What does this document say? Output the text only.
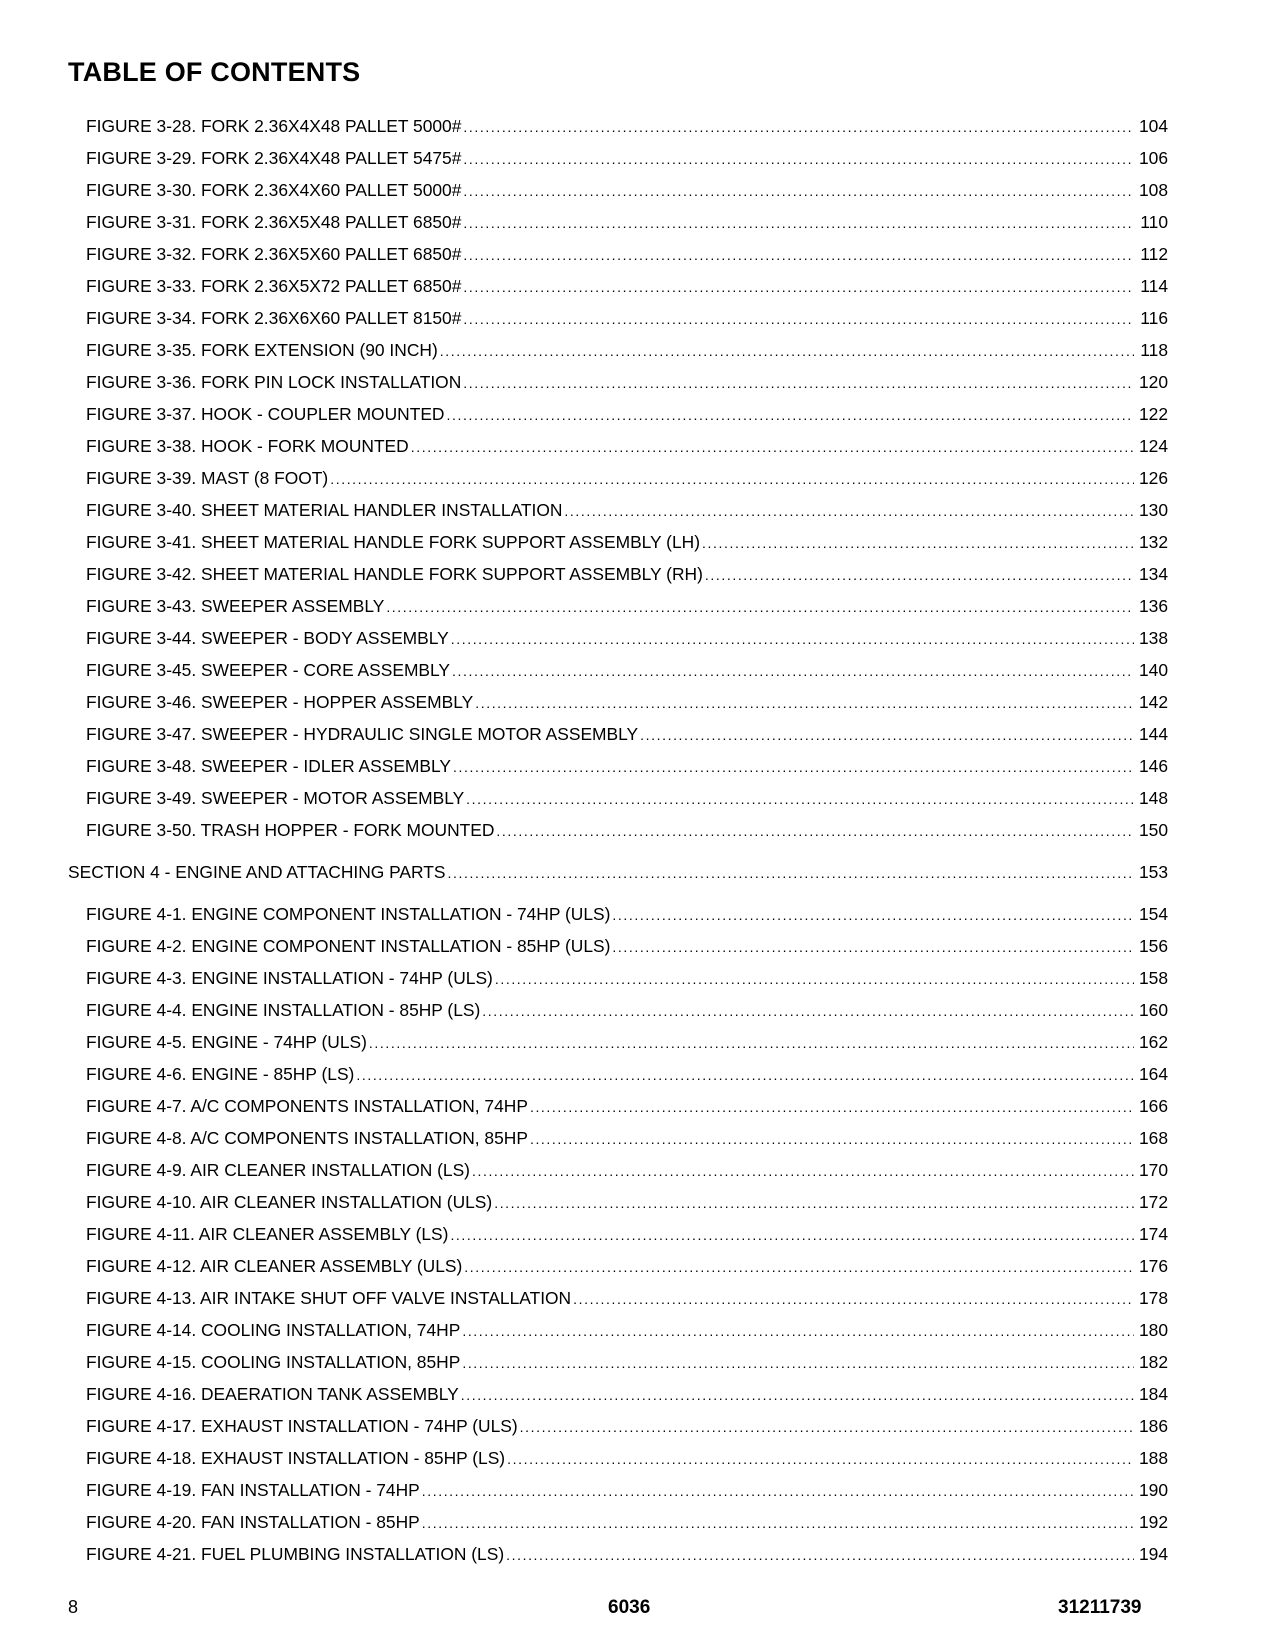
TABLE OF CONTENTS
FIGURE 3-28. FORK 2.36X4X48 PALLET 5000# .....	104
FIGURE 3-29. FORK 2.36X4X48 PALLET 5475# .....	106
FIGURE 3-30. FORK 2.36X4X60 PALLET 5000# .....	108
FIGURE 3-31. FORK 2.36X5X48 PALLET 6850# .....	110
FIGURE 3-32. FORK 2.36X5X60 PALLET 6850# .....	112
FIGURE 3-33. FORK 2.36X5X72 PALLET 6850# .....	114
FIGURE 3-34. FORK 2.36X6X60 PALLET 8150# .....	116
FIGURE 3-35. FORK EXTENSION (90 INCH) .....	118
FIGURE 3-36. FORK PIN LOCK INSTALLATION .....	120
FIGURE 3-37. HOOK - COUPLER MOUNTED .....	122
FIGURE 3-38. HOOK - FORK MOUNTED .....	124
FIGURE 3-39. MAST (8 FOOT) .....	126
FIGURE 3-40. SHEET MATERIAL HANDLER INSTALLATION .....	130
FIGURE 3-41. SHEET MATERIAL HANDLE FORK SUPPORT ASSEMBLY (LH) .....	132
FIGURE 3-42. SHEET MATERIAL HANDLE FORK SUPPORT ASSEMBLY (RH) .....	134
FIGURE 3-43. SWEEPER ASSEMBLY .....	136
FIGURE 3-44. SWEEPER - BODY ASSEMBLY .....	138
FIGURE 3-45. SWEEPER - CORE ASSEMBLY .....	140
FIGURE 3-46. SWEEPER - HOPPER ASSEMBLY .....	142
FIGURE 3-47. SWEEPER - HYDRAULIC SINGLE MOTOR ASSEMBLY .....	144
FIGURE 3-48. SWEEPER - IDLER ASSEMBLY .....	146
FIGURE 3-49. SWEEPER - MOTOR ASSEMBLY .....	148
FIGURE 3-50. TRASH HOPPER - FORK MOUNTED .....	150
SECTION 4 - ENGINE AND ATTACHING PARTS .....	153
FIGURE 4-1. ENGINE COMPONENT INSTALLATION - 74HP (ULS) .....	154
FIGURE 4-2. ENGINE COMPONENT INSTALLATION - 85HP (ULS) .....	156
FIGURE 4-3. ENGINE INSTALLATION - 74HP (ULS) .....	158
FIGURE 4-4. ENGINE INSTALLATION - 85HP (LS) .....	160
FIGURE 4-5. ENGINE - 74HP (ULS) .....	162
FIGURE 4-6. ENGINE - 85HP (LS) .....	164
FIGURE 4-7. A/C COMPONENTS INSTALLATION, 74HP .....	166
FIGURE 4-8. A/C COMPONENTS INSTALLATION, 85HP .....	168
FIGURE 4-9. AIR CLEANER INSTALLATION (LS) .....	170
FIGURE 4-10. AIR CLEANER INSTALLATION (ULS) .....	172
FIGURE 4-11. AIR CLEANER ASSEMBLY (LS) .....	174
FIGURE 4-12. AIR CLEANER ASSEMBLY (ULS) .....	176
FIGURE 4-13. AIR INTAKE SHUT OFF VALVE INSTALLATION .....	178
FIGURE 4-14. COOLING INSTALLATION, 74HP .....	180
FIGURE 4-15. COOLING INSTALLATION, 85HP .....	182
FIGURE 4-16. DEAERATION TANK ASSEMBLY .....	184
FIGURE 4-17. EXHAUST INSTALLATION - 74HP (ULS) .....	186
FIGURE 4-18. EXHAUST INSTALLATION - 85HP (LS) .....	188
FIGURE 4-19. FAN INSTALLATION - 74HP .....	190
FIGURE 4-20. FAN INSTALLATION - 85HP .....	192
FIGURE 4-21. FUEL PLUMBING INSTALLATION (LS) .....	194
8	6036	31211739
